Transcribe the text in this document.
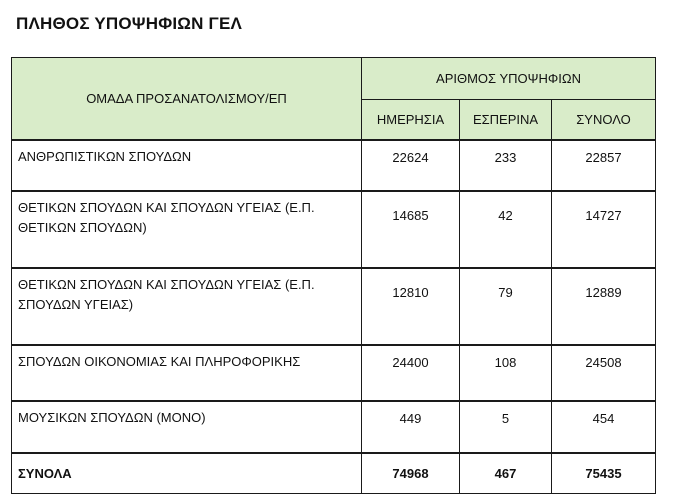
ΠΛΗΘΟΣ ΥΠΟΨΗΦΙΩΝ ΓΕΛ
ΟΜΑΔΑ ΠΡΟΣΑΝΑΤΟΛΙΣΜΟΥ/ΕΠ	ΑΡΙΘΜΟΣ ΥΠΟΨΗΦΙΩΝ		
	ΗΜΕΡΗΣΙΑ	ΕΣΠΕΡΙΝΑ	ΣΥΝΟΛΟ
ΑΝΘΡΩΠΙΣΤΙΚΩΝ ΣΠΟΥΔΩΝ	22624	233	22857
ΘΕΤΙΚΩΝ ΣΠΟΥΔΩΝ ΚΑΙ ΣΠΟΥΔΩΝ ΥΓΕΙΑΣ (Ε.Π. ΘΕΤΙΚΩΝ ΣΠΟΥΔΩΝ)	14685	42	14727
ΘΕΤΙΚΩΝ ΣΠΟΥΔΩΝ ΚΑΙ ΣΠΟΥΔΩΝ ΥΓΕΙΑΣ (Ε.Π. ΣΠΟΥΔΩΝ ΥΓΕΙΑΣ)	12810	79	12889
ΣΠΟΥΔΩΝ ΟΙΚΟΝΟΜΙΑΣ ΚΑΙ ΠΛΗΡΟΦΟΡΙΚΗΣ	24400	108	24508
ΜΟΥΣΙΚΩΝ ΣΠΟΥΔΩΝ (ΜΟΝΟ)	449	5	454
ΣΥΝΟΛΑ	74968	467	75435
